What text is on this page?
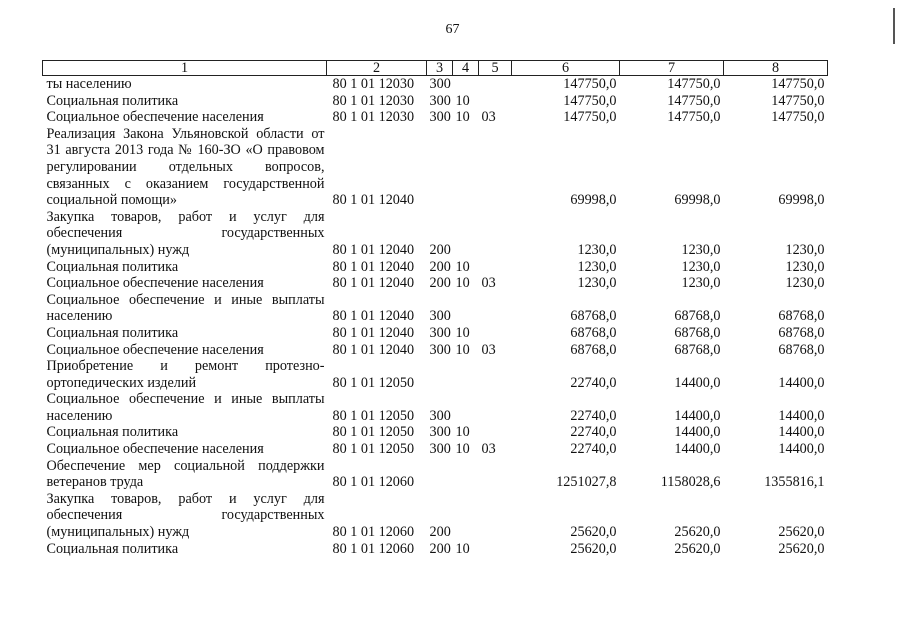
67
1	2	3	4	5	6	7	8
ты населению	80 1 01 12030	300			147750,0	147750,0	147750,0
Социальная политика	80 1 01 12030	300	10		147750,0	147750,0	147750,0
Социальное обеспечение населения	80 1 01 12030	300	10	03	147750,0	147750,0	147750,0
Реализация Закона Ульяновской области от 31 августа 2013 года № 160-ЗО «О правовом регулировании отдельных вопросов, связанных с оказанием государственной социальной помощи»	80 1 01 12040				69998,0	69998,0	69998,0
Закупка товаров, работ и услуг для обеспечения государственных (муниципальных) нужд	80 1 01 12040	200			1230,0	1230,0	1230,0
Социальная политика	80 1 01 12040	200	10		1230,0	1230,0	1230,0
Социальное обеспечение населения	80 1 01 12040	200	10	03	1230,0	1230,0	1230,0
Социальное обеспечение и иные выплаты населению	80 1 01 12040	300			68768,0	68768,0	68768,0
Социальная политика	80 1 01 12040	300	10		68768,0	68768,0	68768,0
Социальное обеспечение населения	80 1 01 12040	300	10	03	68768,0	68768,0	68768,0
Приобретение и ремонт протезно-ортопедических изделий	80 1 01 12050				22740,0	14400,0	14400,0
Социальное обеспечение и иные выплаты населению	80 1 01 12050	300			22740,0	14400,0	14400,0
Социальная политика	80 1 01 12050	300	10		22740,0	14400,0	14400,0
Социальное обеспечение населения	80 1 01 12050	300	10	03	22740,0	14400,0	14400,0
Обеспечение мер социальной поддержки ветеранов труда	80 1 01 12060				1251027,8	1158028,6	1355816,1
Закупка товаров, работ и услуг для обеспечения государственных (муниципальных) нужд	80 1 01 12060	200			25620,0	25620,0	25620,0
Социальная политика	80 1 01 12060	200	10		25620,0	25620,0	25620,0
